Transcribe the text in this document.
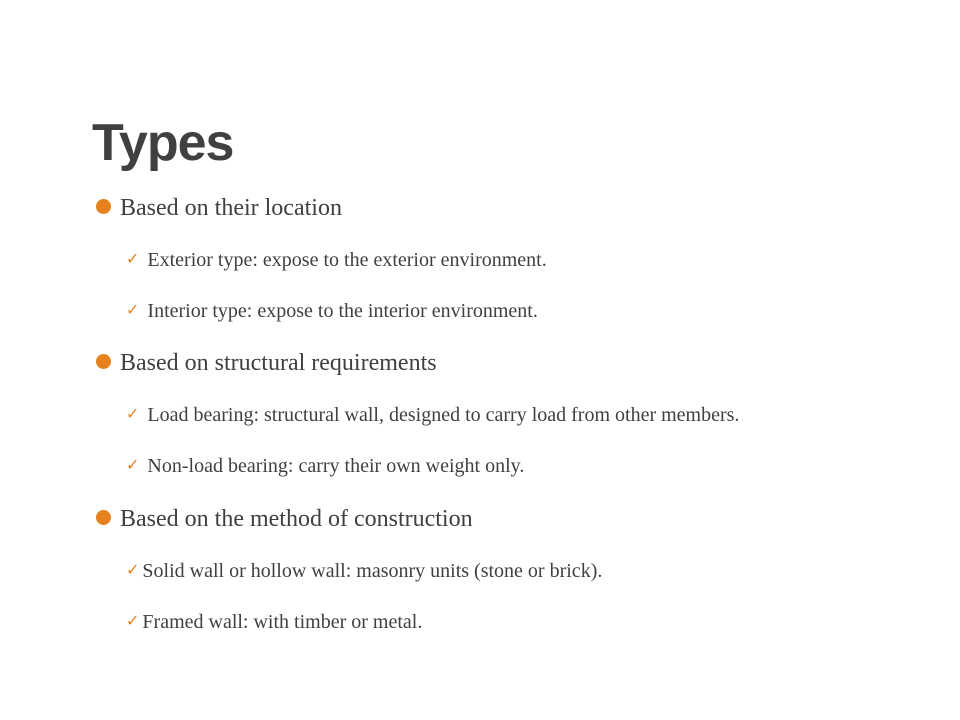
Types
Based on their location
✓ Exterior type: expose to the exterior environment.
✓ Interior type: expose to the interior environment.
Based on structural requirements
✓ Load bearing: structural wall, designed to carry load from other members.
✓ Non-load bearing: carry their own weight only.
Based on the method of construction
✓ Solid wall or hollow wall: masonry units (stone or brick).
✓ Framed wall: with timber or metal.
